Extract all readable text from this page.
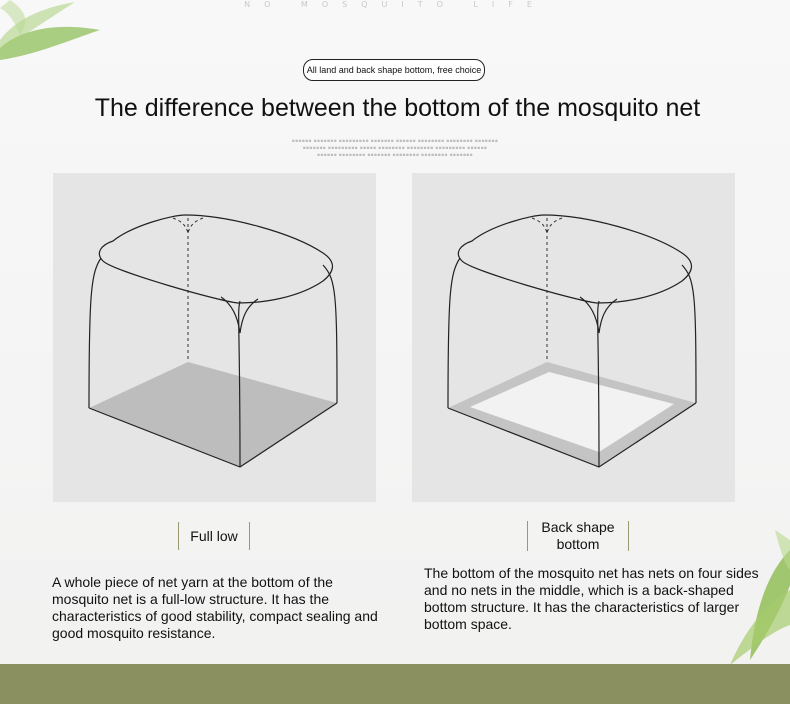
NO MOSQUITO LIFE
All land and back shape bottom, free choice
The difference between the bottom of the mosquito net
▪▪▪▪▪▪ ▪▪▪▪▪▪▪ ▪▪▪▪▪▪▪▪▪ ▪▪▪▪▪▪▪ ▪▪▪▪▪▪ ▪▪▪▪▪▪▪▪ ▪▪▪▪▪▪▪▪ ▪▪▪▪▪▪▪
▪▪▪▪▪▪▪ ▪▪▪▪▪▪▪▪▪ ▪▪▪▪▪ ▪▪▪▪▪▪▪▪ ▪▪▪▪▪▪▪▪ ▪▪▪▪▪▪▪▪▪ ▪▪▪▪▪▪
▪▪▪▪▪▪ ▪▪▪▪▪▪▪▪ ▪▪▪▪▪▪▪ ▪▪▪▪▪▪▪▪ ▪▪▪▪▪▪▪▪ ▪▪▪▪▪▪▪
Full low
Back shape
bottom
A whole piece of net yarn at the bottom of the mosquito net is a full-low structure. It has the characteristics of good stability, compact sealing and good mosquito resistance.
The bottom of the mosquito net has nets on four sides and no nets in the middle, which is a back-shaped bottom structure. It has the characteristics of larger bottom space.
